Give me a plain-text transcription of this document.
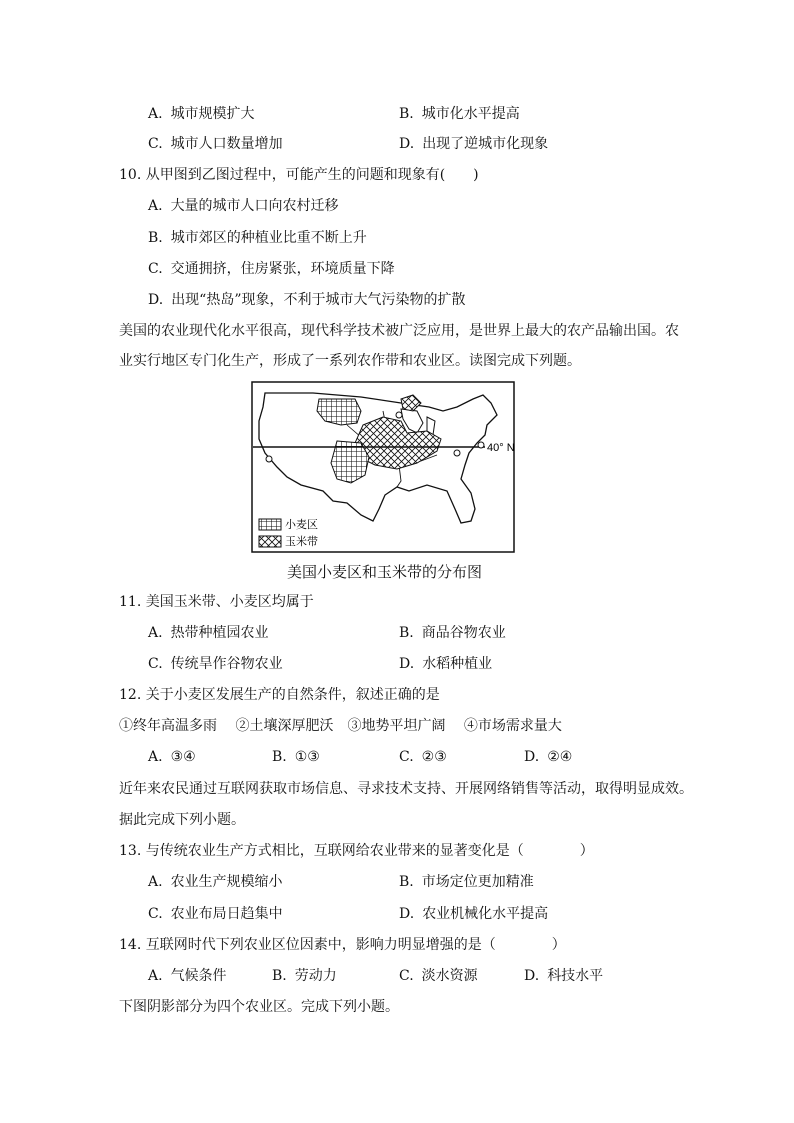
A. 城市规模扩大	B. 城市化水平提高
C. 城市人口数量增加	D. 出现了逆城市化现象
10. 从甲图到乙图过程中，可能产生的问题和现象有(　　)
A. 大量的城市人口向农村迁移
B. 城市郊区的种植业比重不断上升
C. 交通拥挤，住房紧张，环境质量下降
D. 出现“热岛”现象，不利于城市大气污染物的扩散
美国的农业现代化水平很高，现代科学技术被广泛应用，是世界上最大的农产品输出国。农
业实行地区专门化生产，形成了一系列农作带和农业区。读图完成下列题。
40° N
小麦区
玉米带
美国小麦区和玉米带的分布图
11. 美国玉米带、小麦区均属于
A. 热带种植园农业	B. 商品谷物农业
C. 传统旱作谷物农业	D. 水稻种植业
12. 关于小麦区发展生产的自然条件，叙述正确的是
①终年高温多雨　 ②土壤深厚肥沃　③地势平坦广阔　 ④市场需求量大
A. ③④	B. ①③	C. ②③	D. ②④
近年来农民通过互联网获取市场信息、寻求技术支持、开展网络销售等活动，取得明显成效。
据此完成下列小题。
13. 与传统农业生产方式相比，互联网给农业带来的显著变化是（　　　　）
A. 农业生产规模缩小	B. 市场定位更加精准
C. 农业布局日趋集中	D. 农业机械化水平提高
14. 互联网时代下列农业区位因素中，影响力明显增强的是（　　　　）
A. 气候条件	B. 劳动力	C. 淡水资源	D. 科技水平
下图阴影部分为四个农业区。完成下列小题。
